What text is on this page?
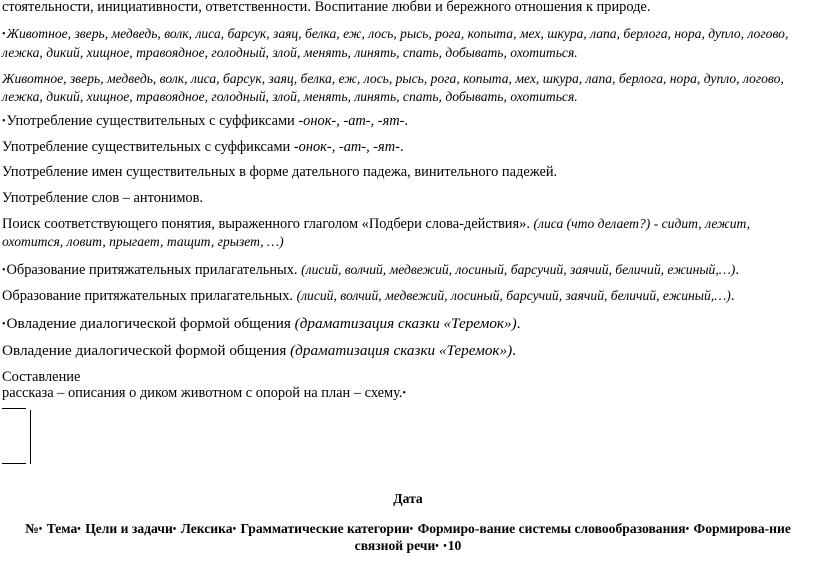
стоятельности, инициативности, ответственности. Воспитание любви и бережного отношения к природе.

•Животное, зверь, медведь, волк, лиса, барсук, заяц, белка, еж, лось, рысь, рога, копыта, мех, шкура, лапа, берлога, нора, дупло, логово, лежка, дикий, хищное, травоядное, голодный, злой, менять, линять, спать, добывать, охотиться.

Животное, зверь, медведь, волк, лиса, барсук, заяц, белка, еж, лось, рысь, рога, копыта, мех, шкура, лапа, берлога, нора, дупло, логово, лежка, дикий, хищное, травоядное, голодный, злой, менять, линять, спать, добывать, охотиться.

•Употребление существительных с суффиксами -онок-, -ат-, -ят-.

Употребление существительных с суффиксами -онок-, -ат-, -ят-.

Употребление имен существительных в форме дательного падежа, винительного падежей.

Употребление слов – антонимов.

Поиск соответствующего понятия, выраженного глаголом «Подбери слова-действия». (лиса (что делает?) - сидит, лежит, охотится, ловит, прыгает, тащит, грызет, …)

•Образование притяжательных прилагательных. (лисий, волчий, медвежий, лосиный, барсучий, заячий, беличий, ежиный,…).

Образование притяжательных прилагательных. (лисий, волчий, медвежий, лосиный, барсучий, заячий, беличий, ежиный,…).

•Овладение диалогической формой общения (драматизация сказки «Теремок»).

Овладение диалогической формой общения (драматизация сказки «Теремок»).

Составление

рассказа – описания о диком животном с опорой на план – схему.•

Дата

№• Тема• Цели и задачи• Лексика• Грамматические категории• Формиро-вание системы словообразования• Формирова-ние

связной речи• •10
